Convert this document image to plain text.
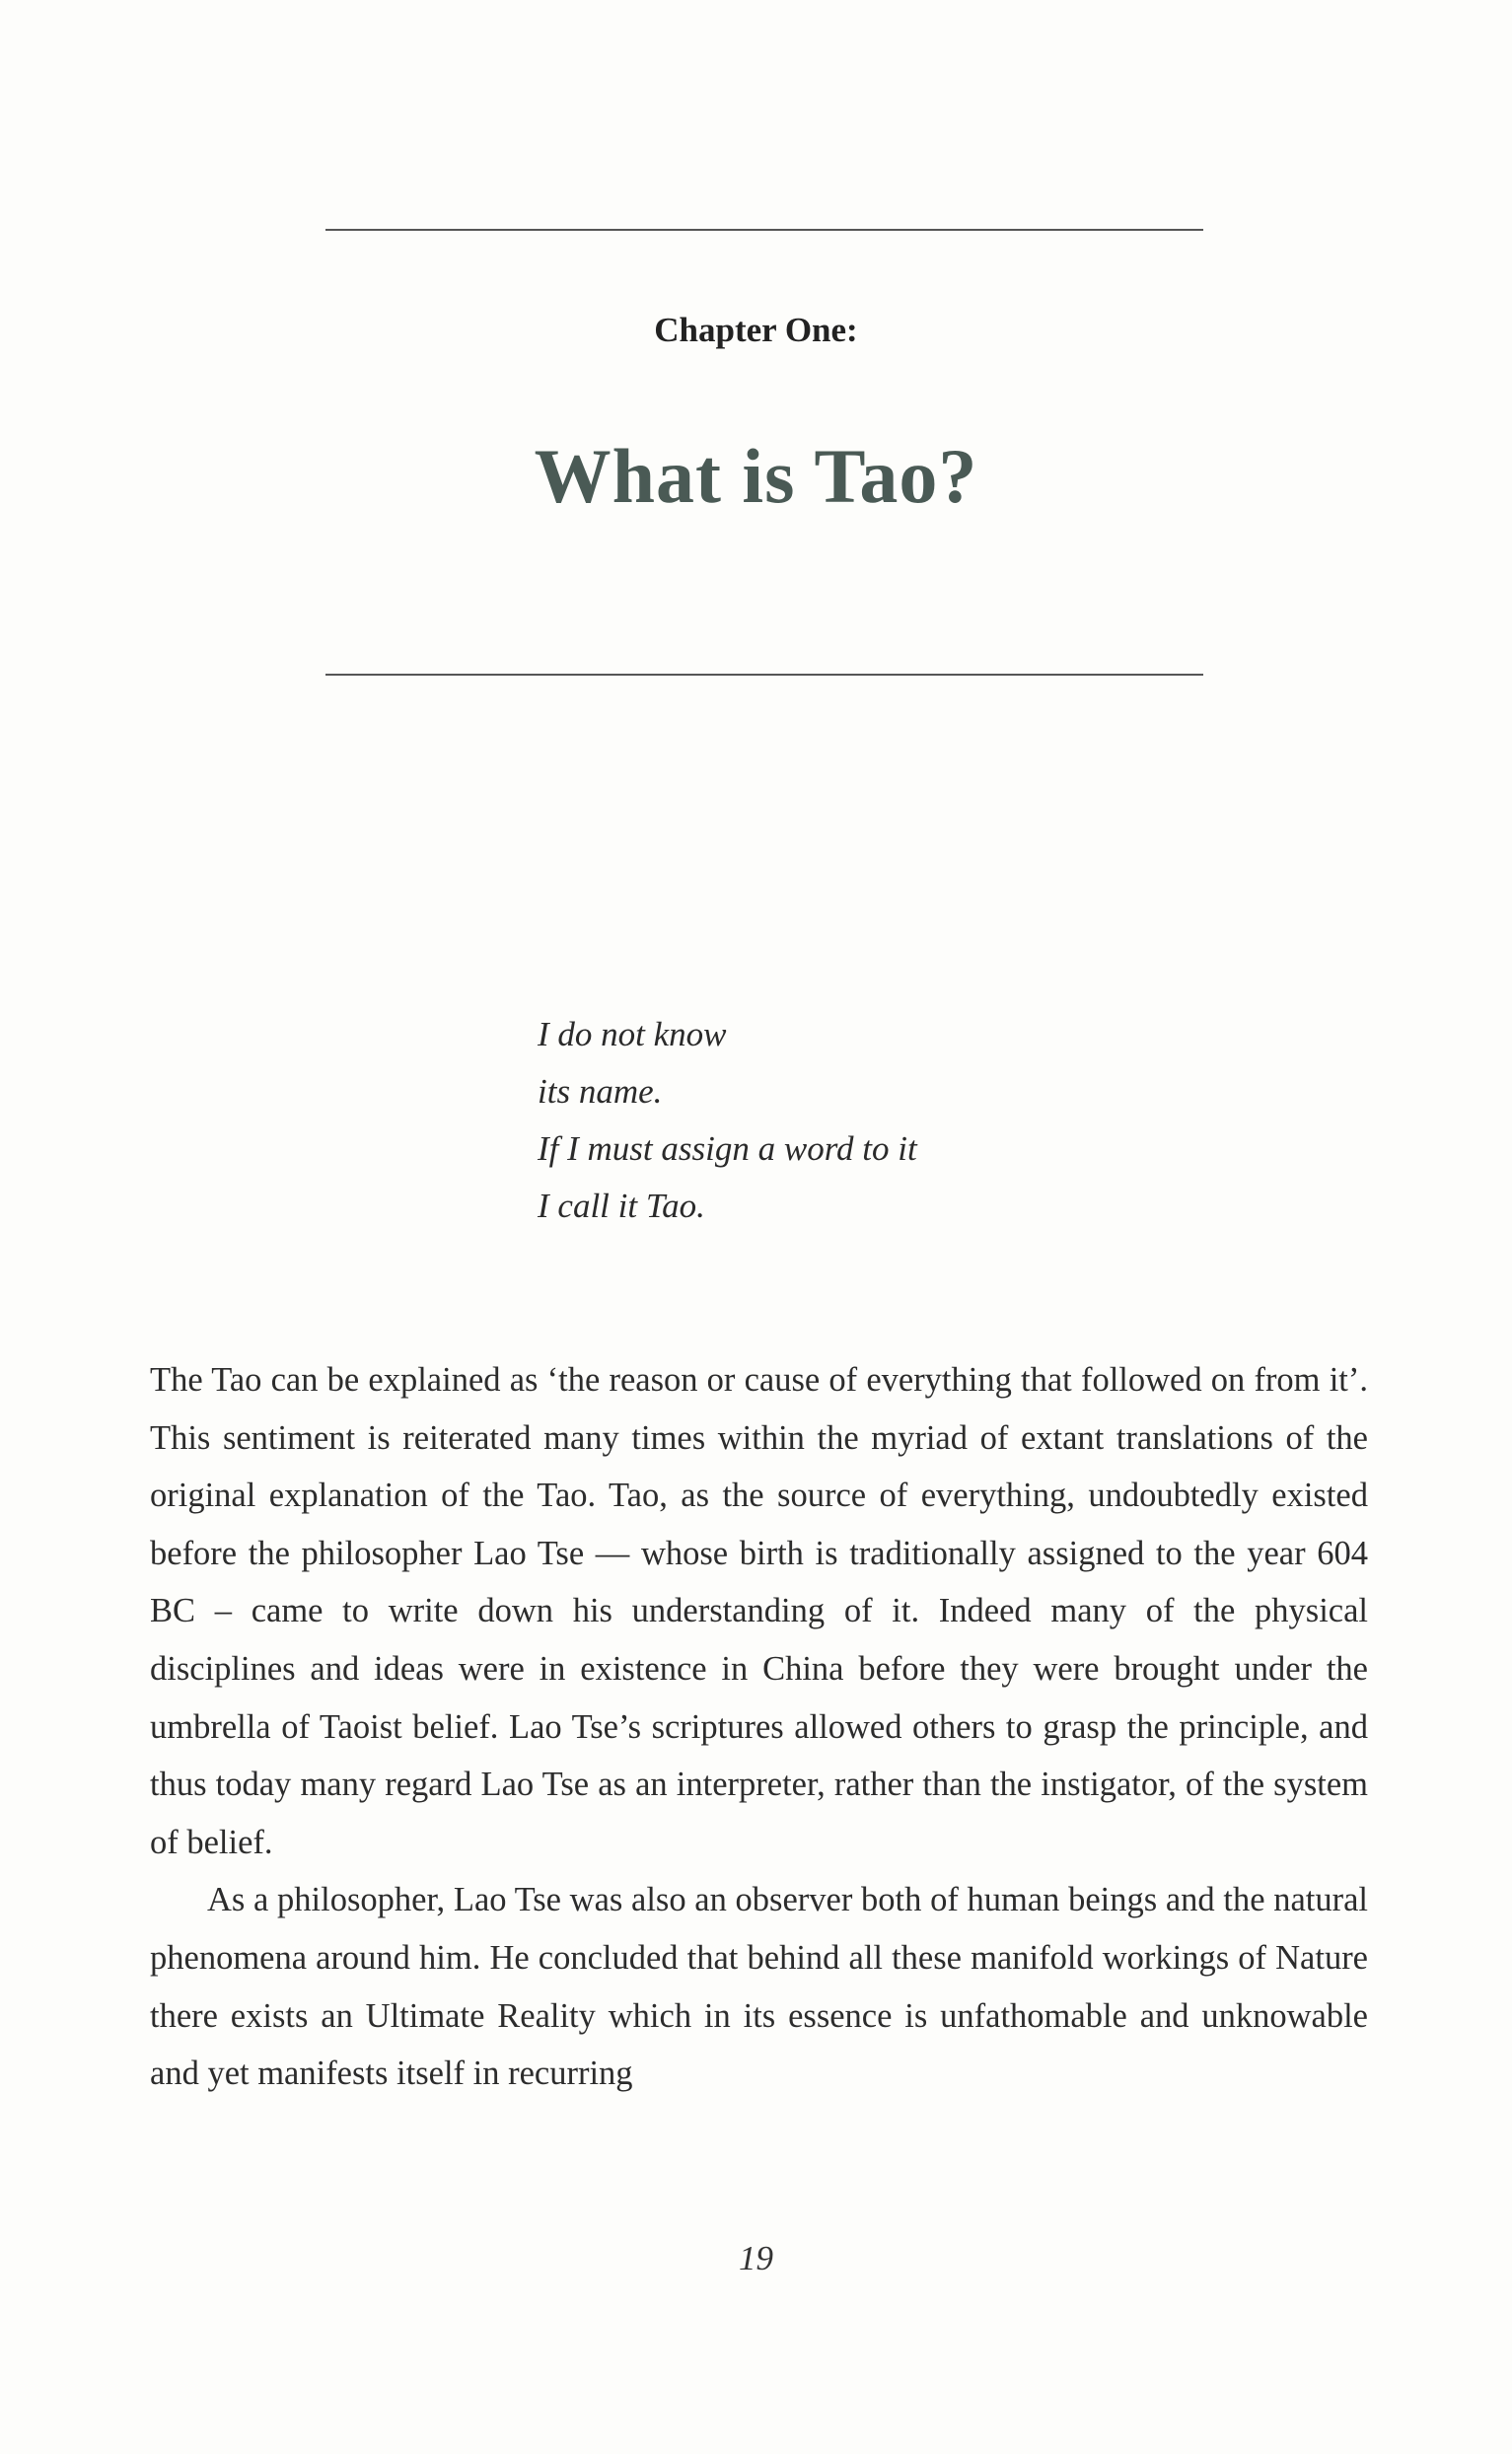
Chapter One:
What is Tao?
I do not know
its name.
If I must assign a word to it
I call it Tao.

The Tao can be explained as ‘the reason or cause of everything that followed on from it’. This sentiment is reiterated many times within the myriad of extant translations of the original explanation of the Tao. Tao, as the source of everything, undoubtedly existed before the philosopher Lao Tse — whose birth is traditionally assigned to the year 604 BC – came to write down his understanding of it. Indeed many of the physical disciplines and ideas were in existence in China before they were brought under the umbrella of Taoist belief. Lao Tse’s scriptures allowed others to grasp the principle, and thus today many regard Lao Tse as an interpreter, rather than the instigator, of the system of belief.

As a philosopher, Lao Tse was also an observer both of human beings and the natural phenomena around him. He concluded that behind all these manifold workings of Nature there exists an Ultimate Reality which in its essence is unfathomable and unknowable and yet manifests itself in recurring

19
